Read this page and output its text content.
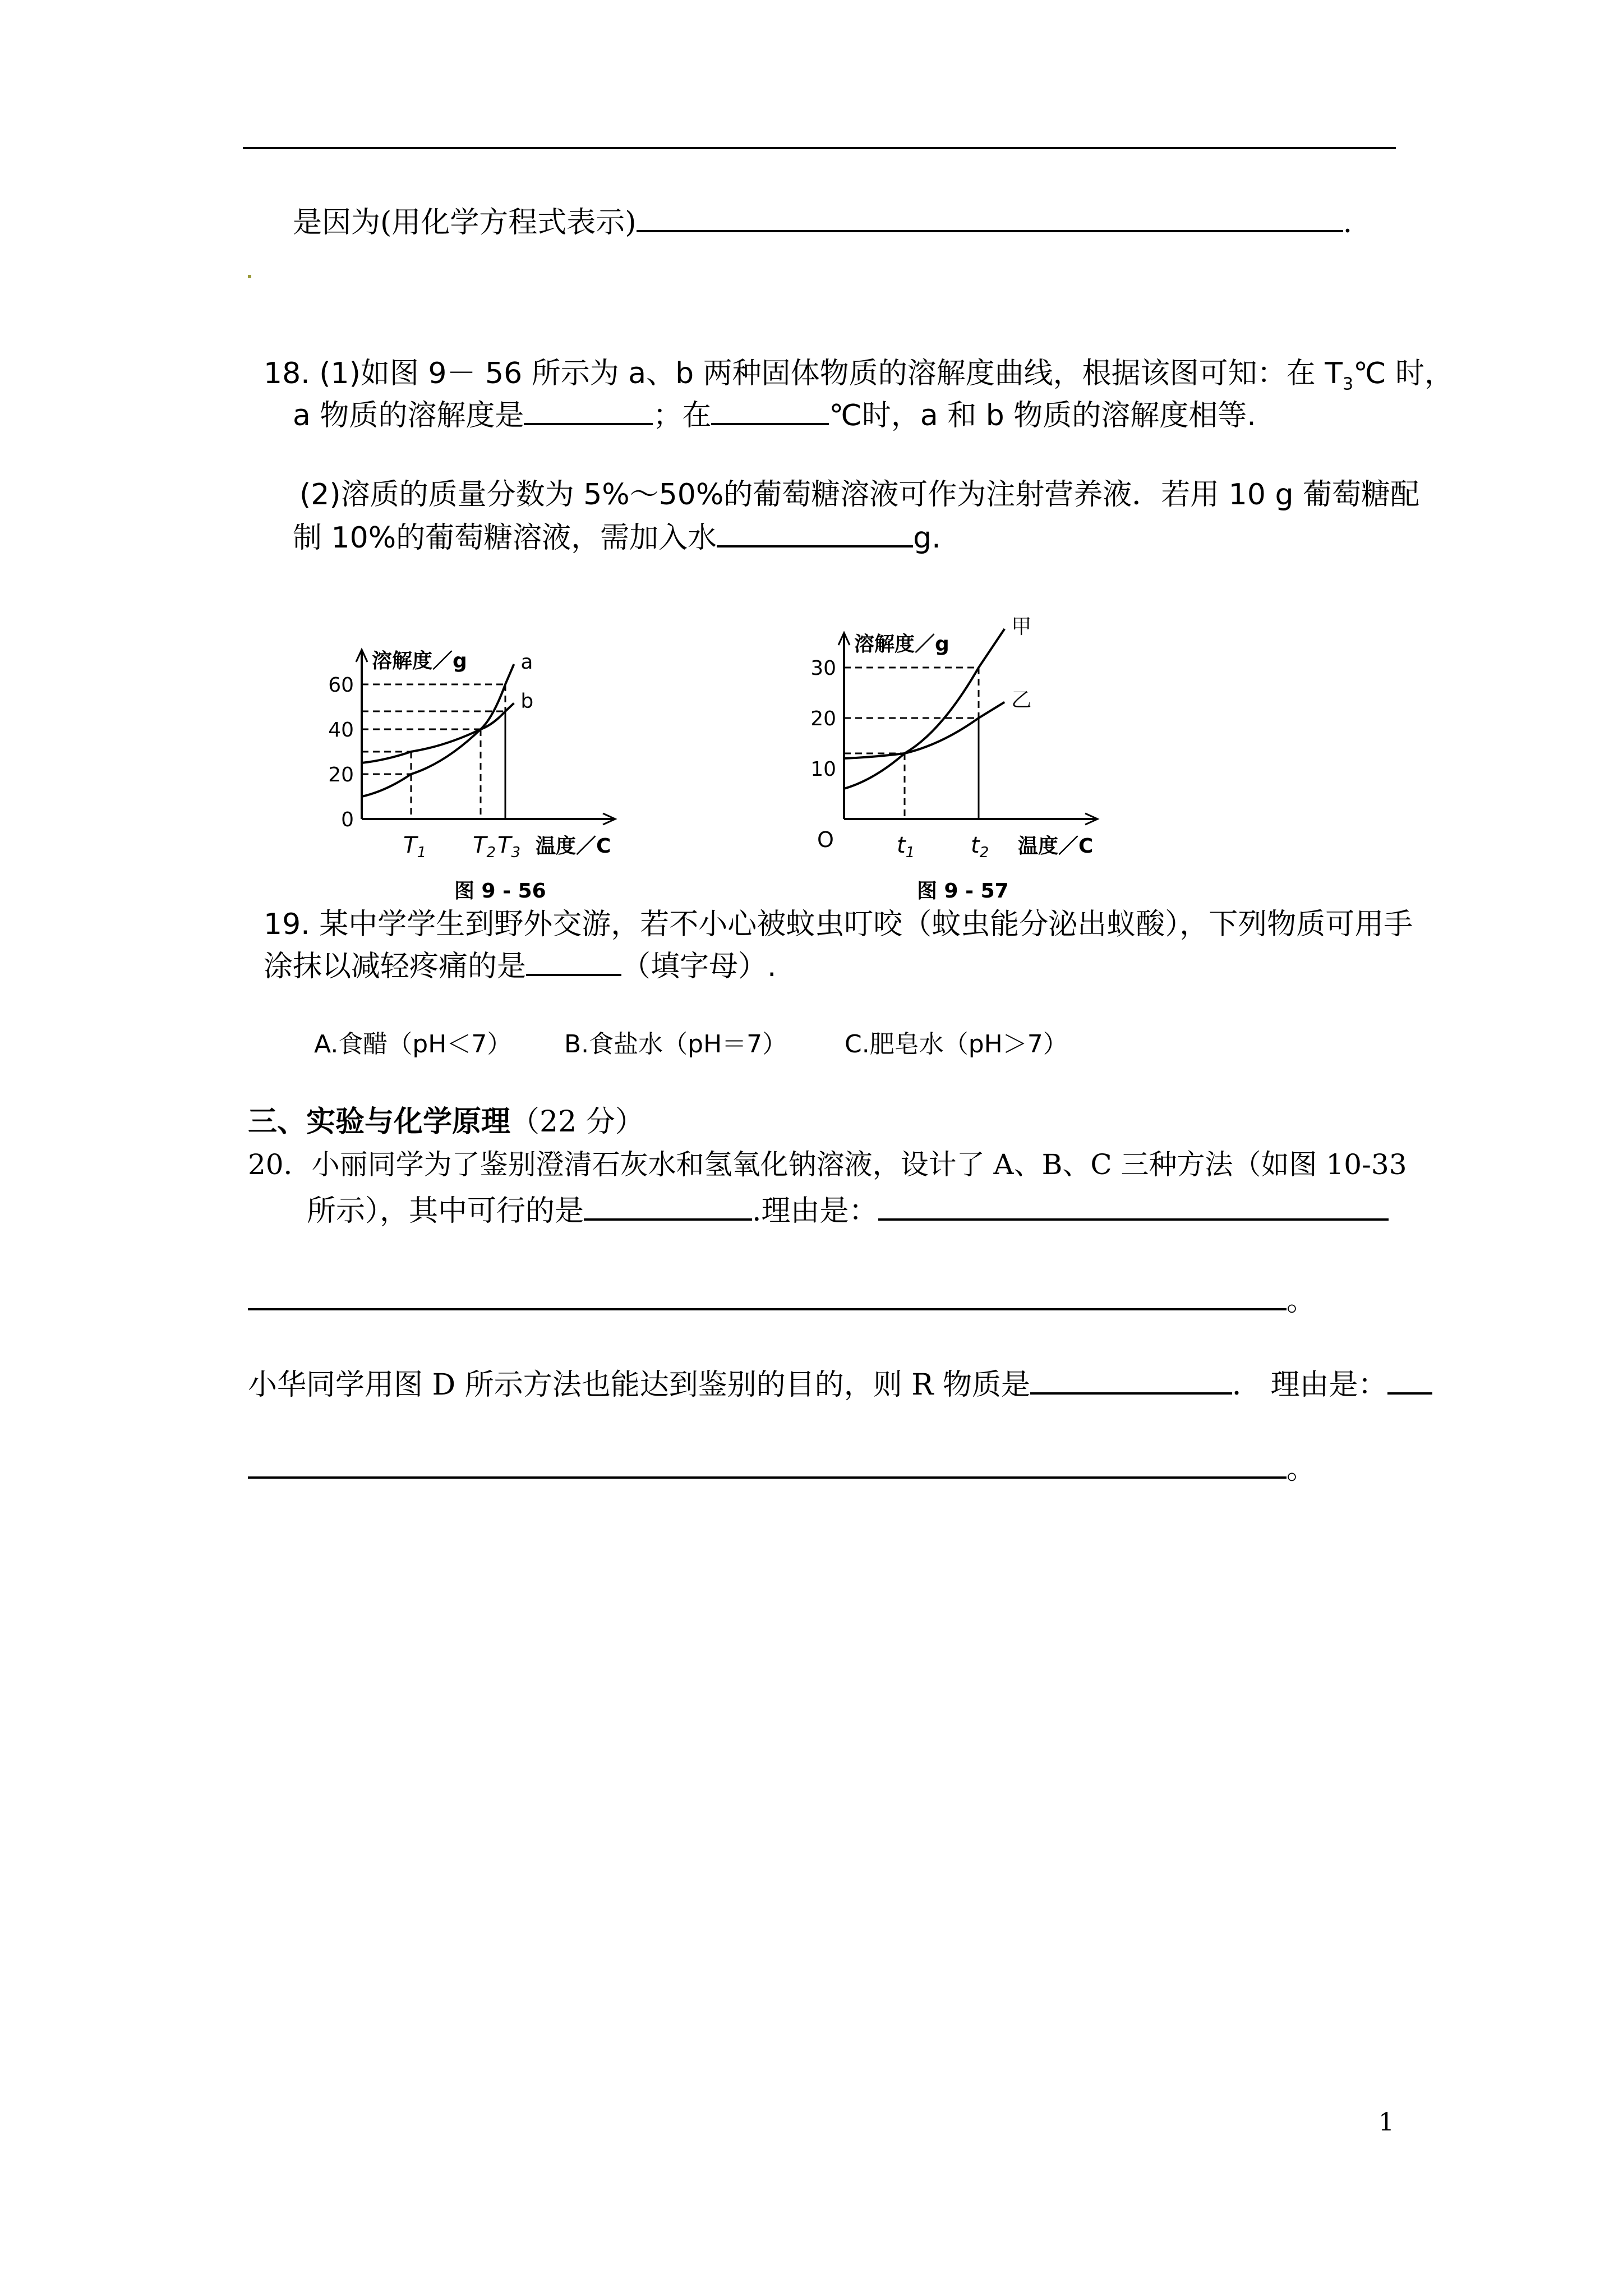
是因为(用化学方程式表示)	.
18. (1)如图 9－ 56 所示为 a、b 两种固体物质的溶解度曲线，根据该图可知：在 $T_3℃$ 时，
a 物质的溶解度是	；在	℃时，a 和 b 物质的溶解度相等.
(2)溶质的质量分数为 5%～50%的葡萄糖溶液可作为注射营养液．若用 10 g 葡萄糖配
制 10%的葡萄糖溶液，需加入水	g.
溶解度／g
温度／C
0
20
40
60
$T_1$ $T_2$ $T_3$
a
b
图 9 - 56
溶解度／g
温度／C
O
10
20
30
$t_1$ $t_2$
甲
乙
图 9 - 57
19. 某中学学生到野外交游，若不小心被蚊虫叮咬（蚊虫能分泌出蚁酸），下列物质可用手
涂抹以减轻疼痛的是	（填字母）.
A.食醋（pH＜7） B.食盐水（pH＝7） C.肥皂水（pH＞7）
三、实验与化学原理（22 分）
20．小丽同学为了鉴别澄清石灰水和氢氧化钠溶液，设计了 A、B、C 三种方法（如图 10-33
所示），其中可行的是	.理由是：
。
小华同学用图 D 所示方法也能达到鉴别的目的，则 R 物质是	． 理由是：
。
1
